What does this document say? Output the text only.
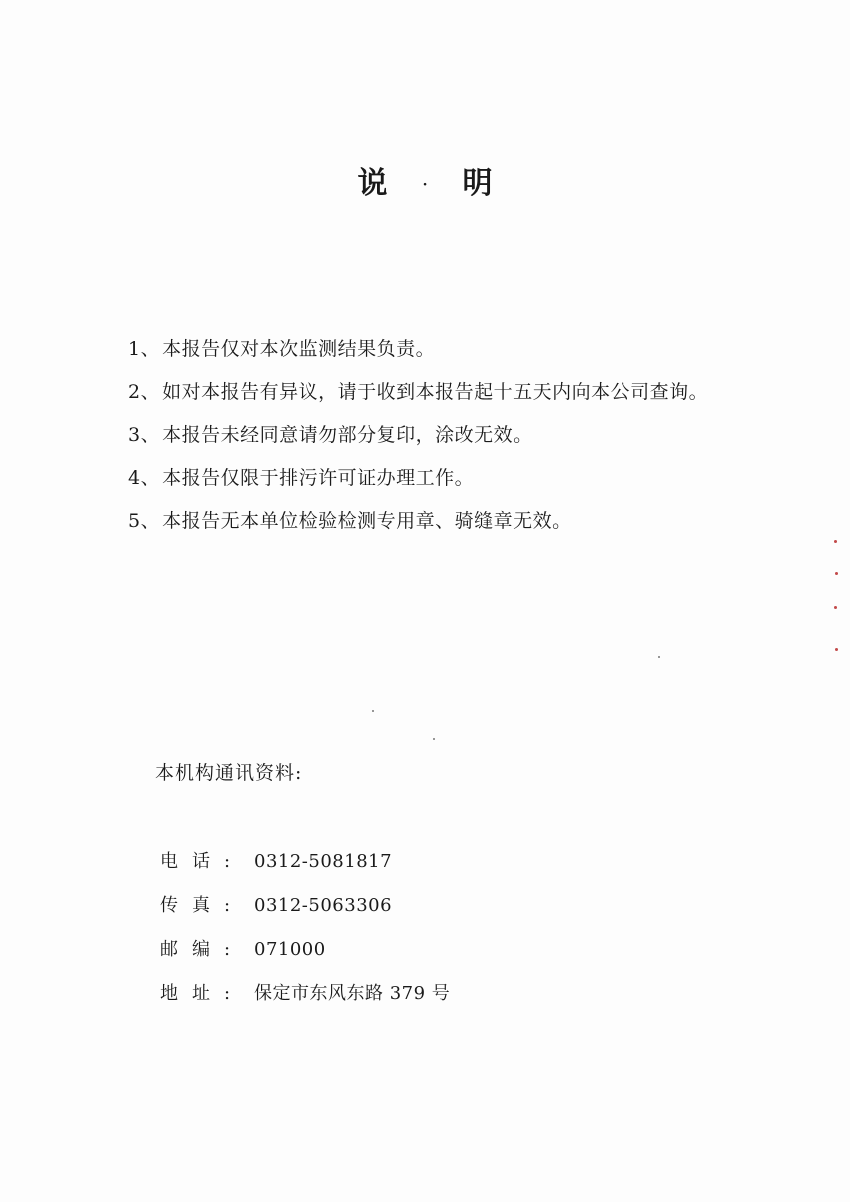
说	· 明
1、 本报告仅对本次监测结果负责。
2、 如对本报告有异议，请于收到本报告起十五天内向本公司查询。
3、 本报告未经同意请勿部分复印，涂改无效。
4、 本报告仅限于排污许可证办理工作。
5、 本报告无本单位检验检测专用章、骑缝章无效。
本机构通讯资料:
电话: 0312-5081817
传真: 0312-5063306
邮编: 071000
地址: 保定市东风东路 379 号
